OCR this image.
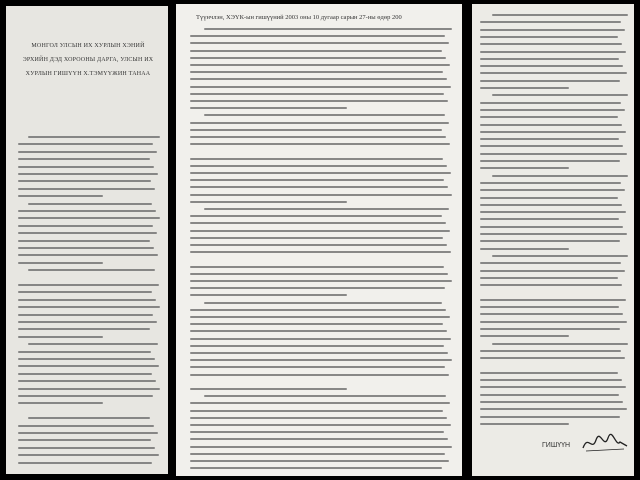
МОНГОЛ УЛСЫН ИХ ХУРЛЫН ХЭНИЙ

ЭРХИЙН ДЭД ХОРООНЫ ДАРГА, УЛСЫН ИХ

ХУРЛЫН ГИШҮҮН Х.ТЭМҮҮЖИН ТАНАА

Түүнчлэн, ХЭҮК-ын гишүүний 2003 оны 10 дугаар сарын 27-ны өдөр 200
ГИШҮҮН
